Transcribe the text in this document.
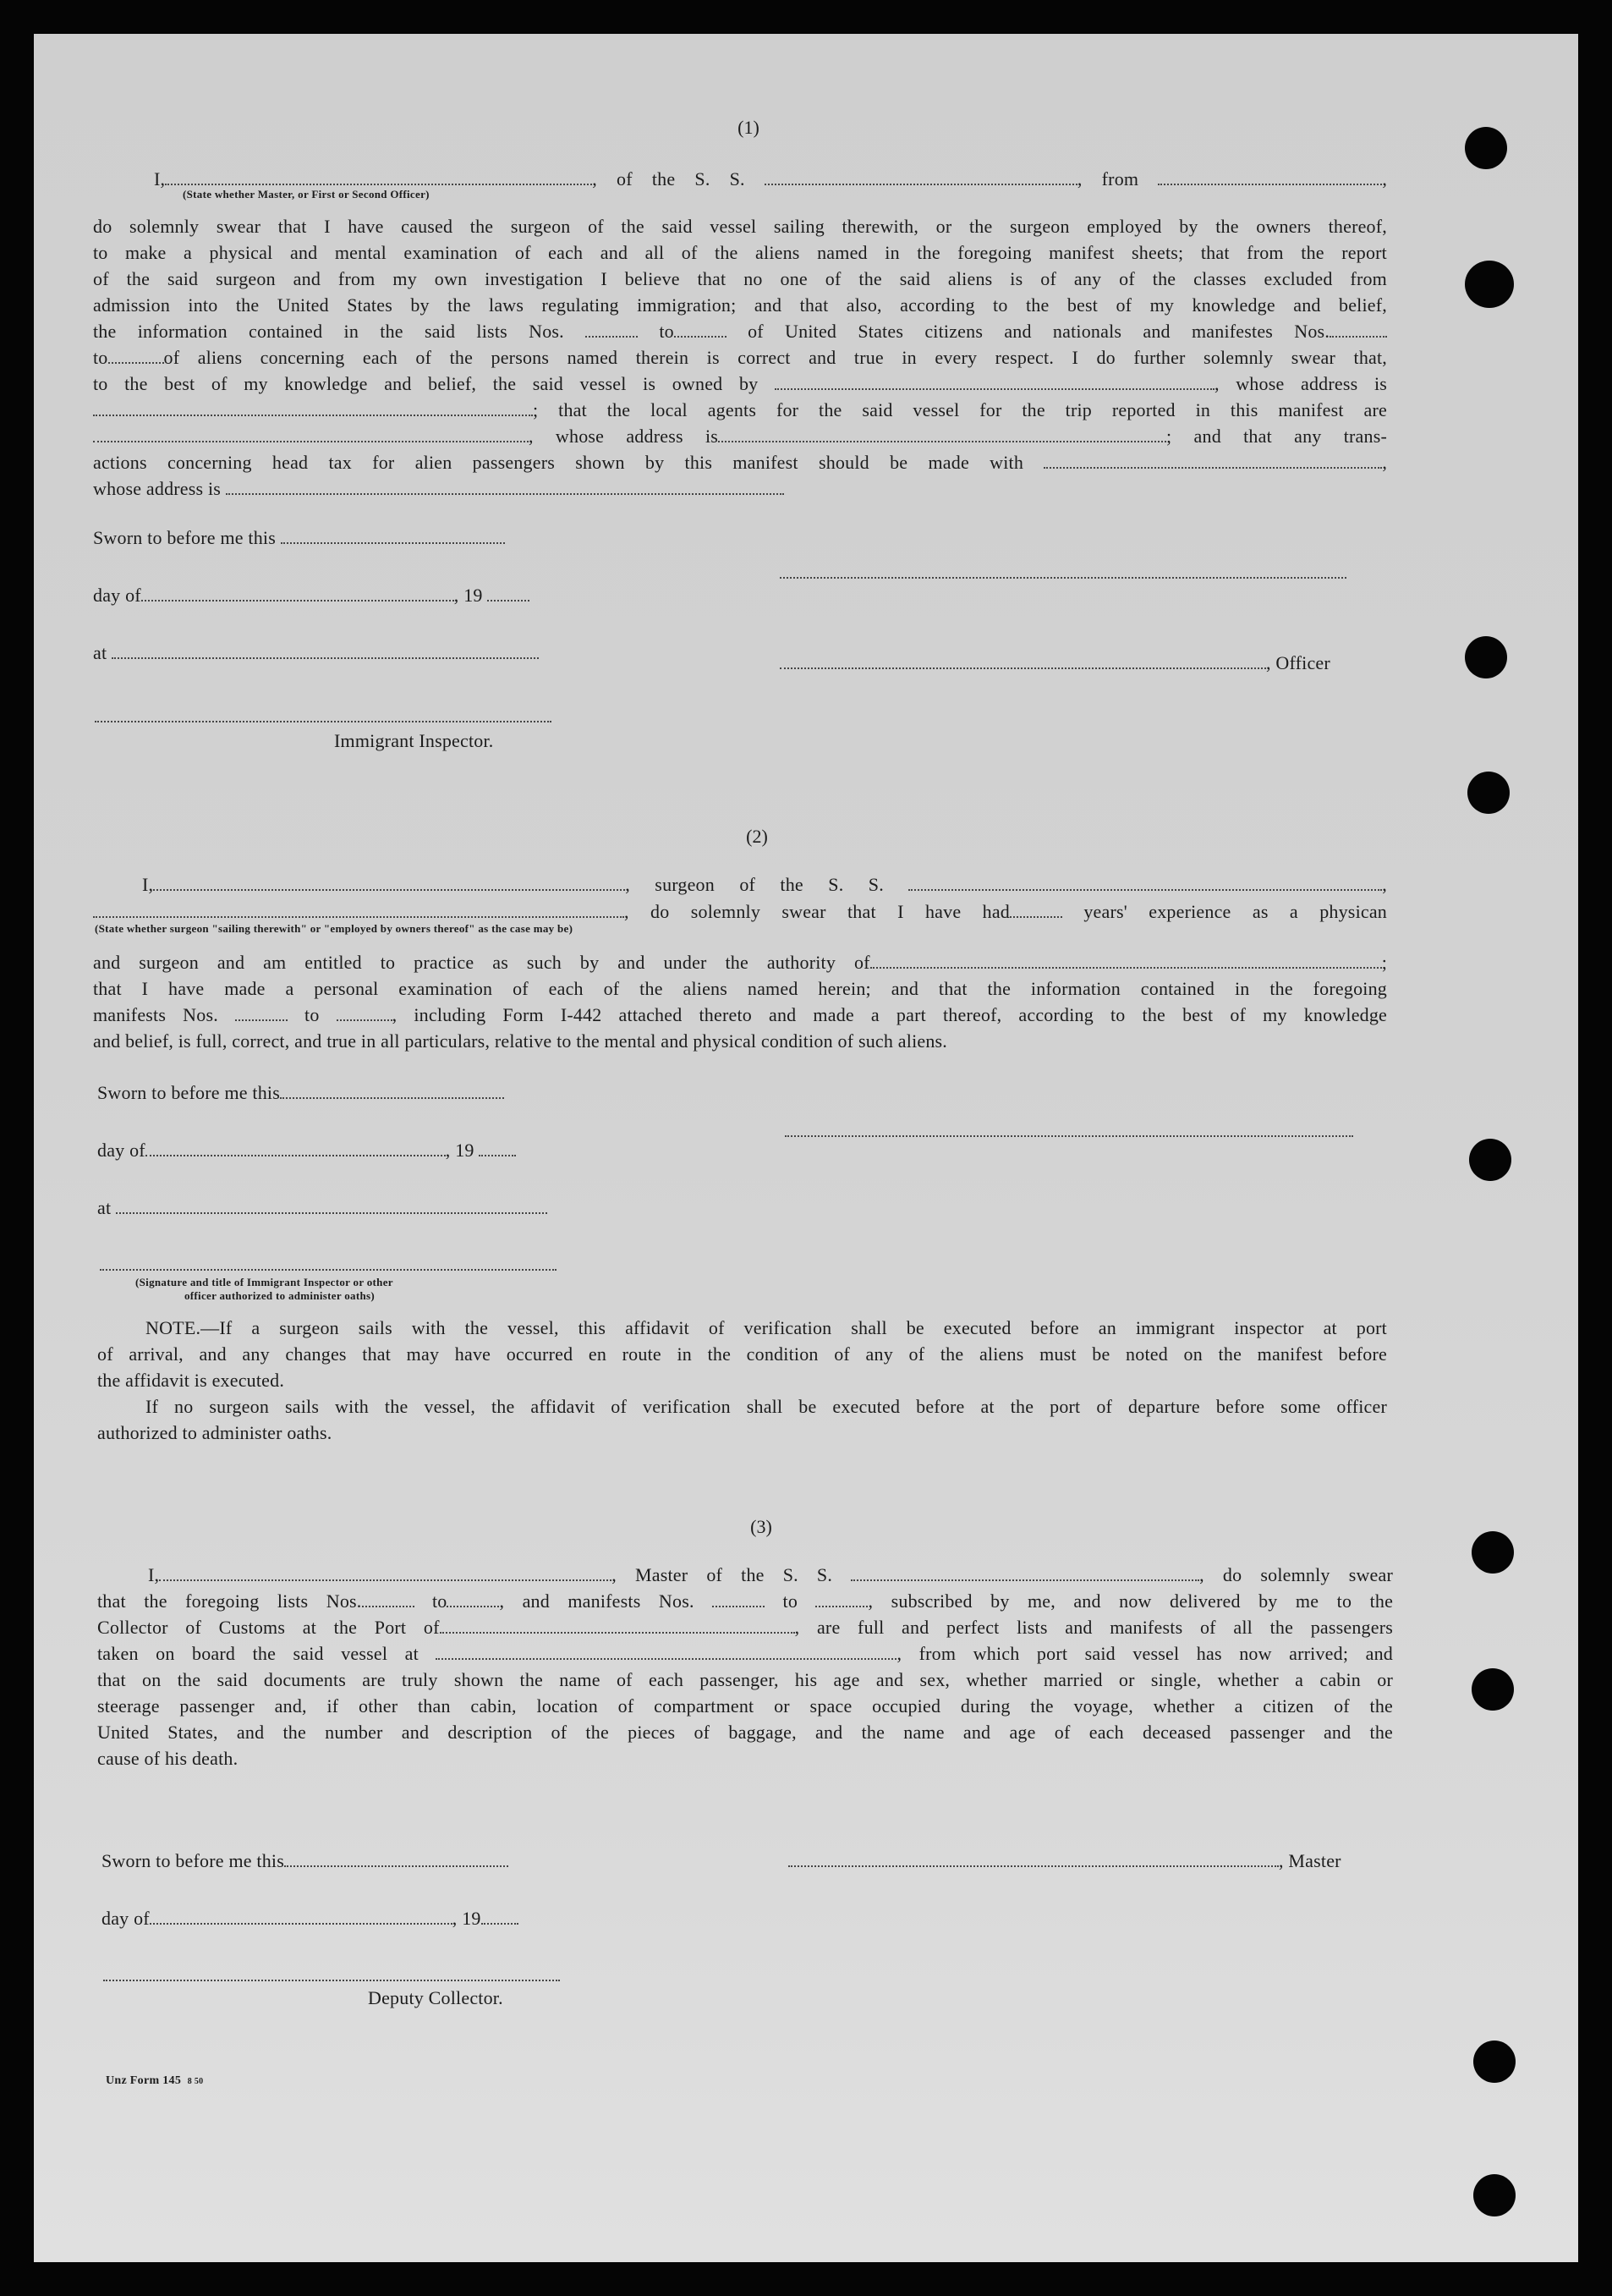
(1)
I,	, of the S. S.	, from	,
(State whether Master, or First or Second Officer)
do solemnly swear that I have caused the surgeon of the said vessel sailing therewith, or the surgeon employed by the owners thereof,
to make a physical and mental examination of each and all of the aliens named in the foregoing manifest sheets; that from the report
of the said surgeon and from my own investigation I believe that no one of the said aliens is of any of the classes excluded from
admission into the United States by the laws regulating immigration; and that also, according to the best of my knowledge and belief,
the information contained in the said lists Nos.	to	of United States citizens and nationals and manifestes Nos.
to	of aliens concerning each of the persons named therein is correct and true in every respect. I do further solemnly swear that,
to the best of my knowledge and belief, the said vessel is owned by	, whose address is
; that the local agents for the said vessel for the trip reported in this manifest are
, whose address is	; and that any trans-
actions concerning head tax for alien passengers shown by this manifest should be made with	,
whose address is
Sworn to before me this
day of	, 19
at	, Officer
Immigrant Inspector.
(2)
I,	, surgeon of the S. S.	,
, do solemnly swear that I have had	years' experience as a physican
(State whether surgeon "sailing therewith" or "employed by owners thereof" as the case may be)
and surgeon and am entitled to practice as such by and under the authority of	;
that I have made a personal examination of each of the aliens named herein; and that the information contained in the foregoing
manifests Nos.	to	, including Form I-442 attached thereto and made a part thereof, according to the best of my knowledge
and belief, is full, correct, and true in all particulars, relative to the mental and physical condition of such aliens.
Sworn to before me this
day of	, 19
at
(Signature and title of Immigrant Inspector or other
officer authorized to administer oaths)
NOTE.—If a surgeon sails with the vessel, this affidavit of verification shall be executed before an immigrant inspector at port
of arrival, and any changes that may have occurred en route in the condition of any of the aliens must be noted on the manifest before
the affidavit is executed.
If no surgeon sails with the vessel, the affidavit of verification shall be executed before at the port of departure before some officer
authorized to administer oaths.
(3)
I,	, Master of the S. S.	, do solemnly swear
that the foregoing lists Nos.	to	, and manifests Nos.	to	, subscribed by me, and now delivered by me to the
Collector of Customs at the Port of	, are full and perfect lists and manifests of all the passengers
taken on board the said vessel at	, from which port said vessel has now arrived; and
that on the said documents are truly shown the name of each passenger, his age and sex, whether married or single, whether a cabin or
steerage passenger and, if other than cabin, location of compartment or space occupied during the voyage, whether a citizen of the
United States, and the number and description of the pieces of baggage, and the name and age of each deceased passenger and the
cause of his death.
Sworn to before me this	, Master
day of	, 19
Deputy Collector.
Unz Form 145 8 50
